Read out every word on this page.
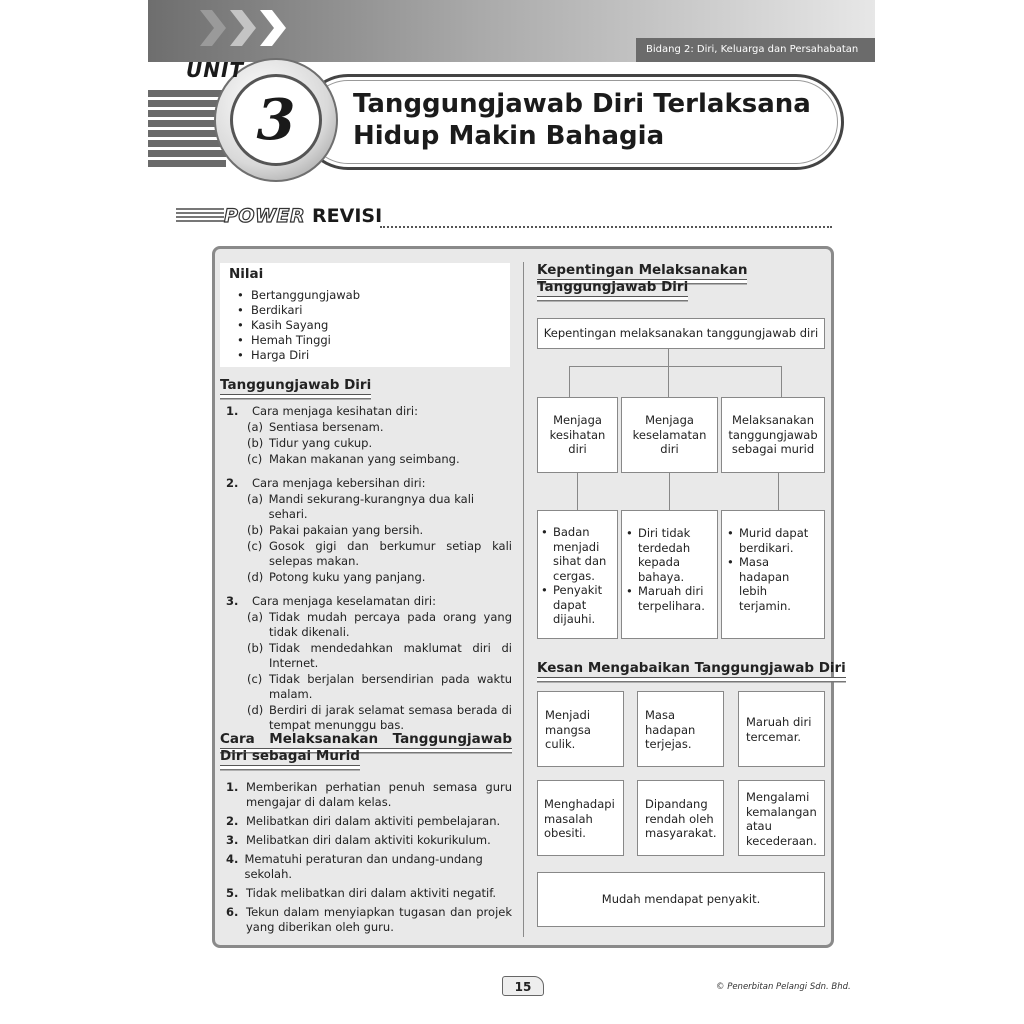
Bidang 2: Diri, Keluarga dan Persahabatan
Tanggungjawab Diri Terlaksana
Hidup Makin Bahagia
3
UNIT
POWER REVISI
Nilai
• Bertanggungjawab
• Berdikari
• Kasih Sayang
• Hemah Tinggi
• Harga Diri
Tanggungjawab Diri
1.	Cara menjaga kesihatan diri:
(a) Sentiasa bersenam.
(b) Tidur yang cukup.
(c) Makan makanan yang seimbang.
2.	Cara menjaga kebersihan diri:
(a) Mandi sekurang-kurangnya dua kali sehari.
(b) Pakai pakaian yang bersih.
(c) Gosok gigi dan berkumur setiap kali selepas makan.
(d) Potong kuku yang panjang.
3.	Cara menjaga keselamatan diri:
(a) Tidak mudah percaya pada orang yang tidak dikenali.
(b) Tidak mendedahkan maklumat diri di Internet.
(c) Tidak berjalan bersendirian pada waktu malam.
(d) Berdiri di jarak selamat semasa berada di tempat menunggu bas.
Cara Melaksanakan Tanggungjawab Diri sebagai Murid
1. Memberikan perhatian penuh semasa guru mengajar di dalam kelas.
2. Melibatkan diri dalam aktiviti pembelajaran.
3. Melibatkan diri dalam aktiviti kokurikulum.
4. Mematuhi peraturan dan undang-undang sekolah.
5. Tidak melibatkan diri dalam aktiviti negatif.
6. Tekun dalam menyiapkan tugasan dan projek yang diberikan oleh guru.
Kepentingan Melaksanakan Tanggungjawab Diri
Kepentingan melaksanakan tanggungjawab diri
Menjaga kesihatan diri
Menjaga keselamatan diri
Melaksanakan tanggungjawab sebagai murid
• Badan menjadi sihat dan cergas.
• Penyakit dapat dijauhi.
• Diri tidak terdedah kepada bahaya.
• Maruah diri terpelihara.
• Murid dapat berdikari.
• Masa hadapan lebih terjamin.
Kesan Mengabaikan Tanggungjawab Diri
Menjadi mangsa culik.
Masa hadapan terjejas.
Maruah diri tercemar.
Menghadapi masalah obesiti.
Dipandang rendah oleh masyarakat.
Mengalami kemalangan atau kecederaan.
Mudah mendapat penyakit.
15	© Penerbitan Pelangi Sdn. Bhd.
